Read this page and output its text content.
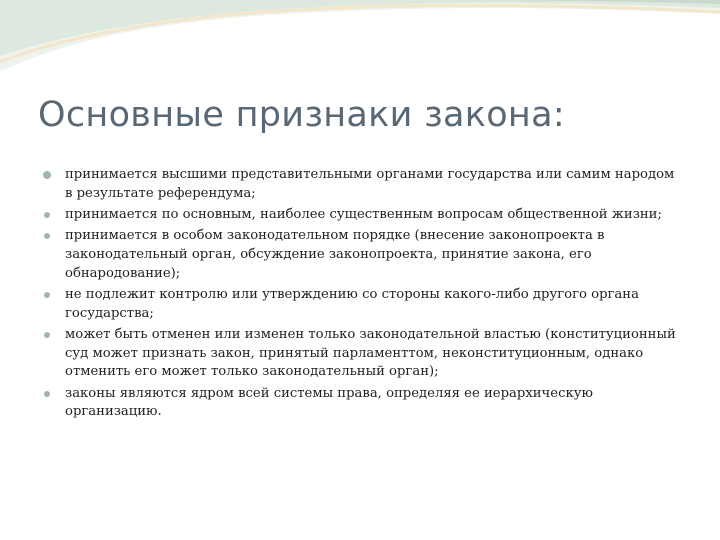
Основные признаки закона:
принимается высшими представительными органами государства или самим народом в результате референдума;
принимается по основным, наиболее существенным вопросам общественной жизни;
принимается в особом законодательном порядке (внесение законопроекта в законодательный орган, обсуждение законопроекта, принятие закона, его обнародование);
не подлежит контролю или утверждению со стороны какого-либо другого органа государства;
может быть отменен или изменен только законодательной властью (конституционный суд может признать закон, принятый парламенттом, неконституционным, однако отменить его может только законодательный орган);
законы являются ядром всей системы права, определяя ее иерархическую организацию.
